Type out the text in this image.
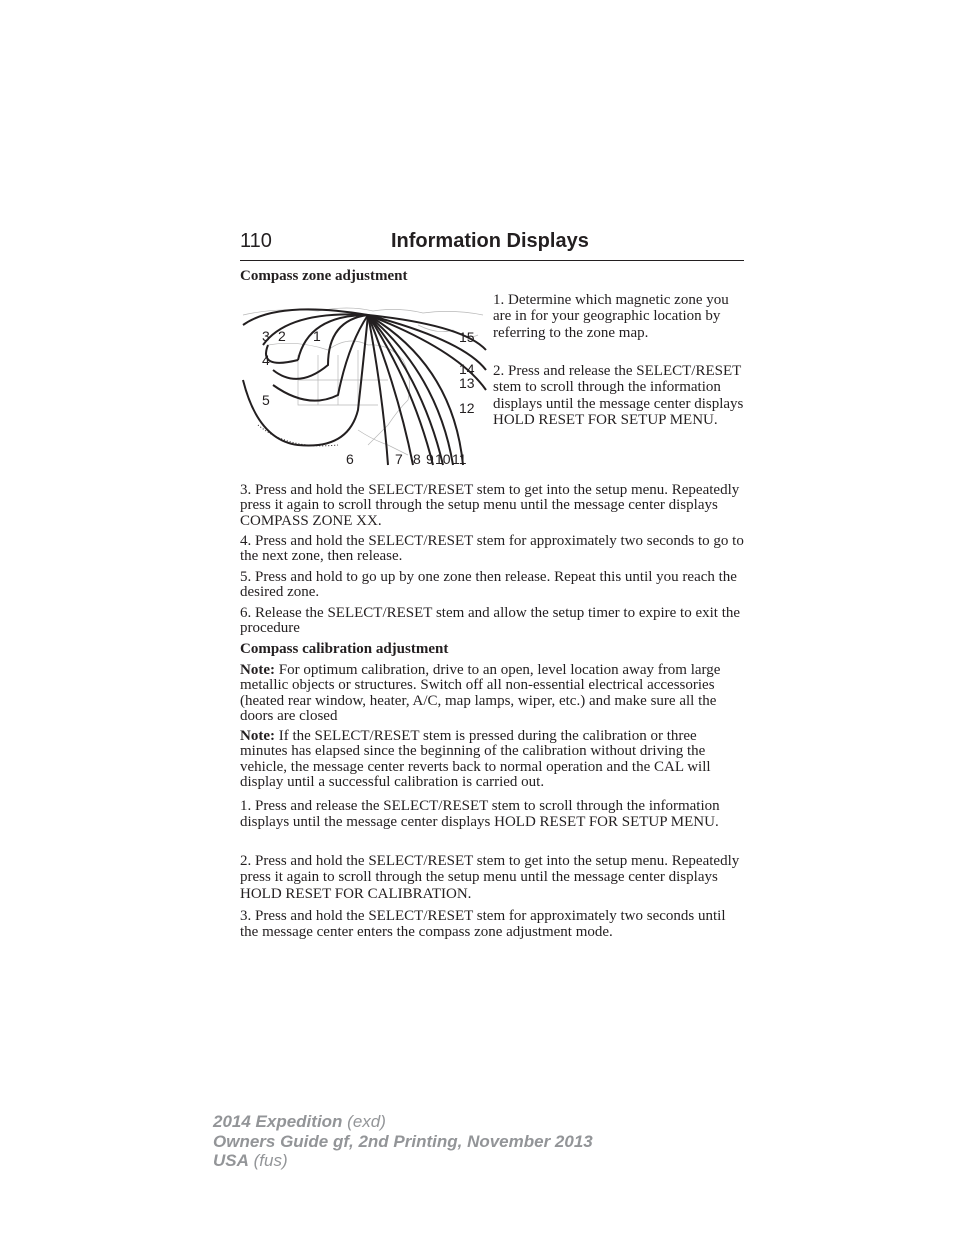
110	Information Displays
Compass zone adjustment
1
2
3
4
5
6	7 8 9 10 11
12
13
14
15

1. Determine which magnetic zone you are in for your geographic location by referring to the zone map.

2. Press and release the SELECT/RESET stem to scroll through the information displays until the message center displays HOLD RESET FOR SETUP MENU.

3. Press and hold the SELECT/RESET stem to get into the setup menu. Repeatedly press it again to scroll through the setup menu until the message center displays COMPASS ZONE XX.

4. Press and hold the SELECT/RESET stem for approximately two seconds to go to the next zone, then release.

5. Press and hold to go up by one zone then release. Repeat this until you reach the desired zone.

6. Release the SELECT/RESET stem and allow the setup timer to expire to exit the procedure

Compass calibration adjustment

Note: For optimum calibration, drive to an open, level location away from large metallic objects or structures. Switch off all non-essential electrical accessories (heated rear window, heater, A/C, map lamps, wiper, etc.) and make sure all the doors are closed

Note: If the SELECT/RESET stem is pressed during the calibration or three minutes has elapsed since the beginning of the calibration without driving the vehicle, the message center reverts back to normal operation and the CAL will display until a successful calibration is carried out.

1. Press and release the SELECT/RESET stem to scroll through the information displays until the message center displays HOLD RESET FOR SETUP MENU.

2. Press and hold the SELECT/RESET stem to get into the setup menu. Repeatedly press it again to scroll through the setup menu until the message center displays HOLD RESET FOR CALIBRATION.

3. Press and hold the SELECT/RESET stem for approximately two seconds until the message center enters the compass zone adjustment mode.

2014 Expedition (exd)
Owners Guide gf, 2nd Printing, November 2013
USA (fus)
